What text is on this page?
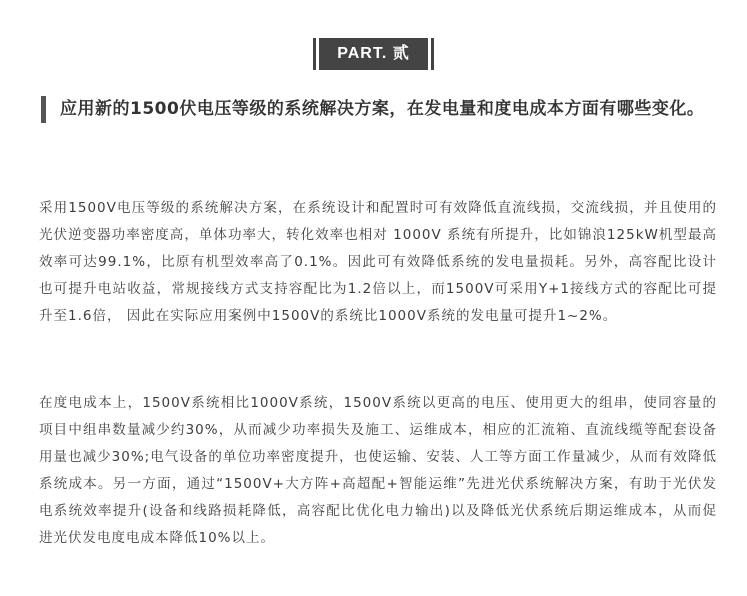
PART. 贰
应用新的1500伏电压等级的系统解决方案，在发电量和度电成本方面有哪些变化。

采用1500V电压等级的系统解决方案，在系统设计和配置时可有效降低直流线损，交流线损，并且使用的光伏逆变器功率密度高，单体功率大，转化效率也相对 1000V 系统有所提升，比如锦浪125kW机型最高效率可达99.1%，比原有机型效率高了0.1%。因此可有效降低系统的发电量损耗。另外，高容配比设计也可提升电站收益，常规接线方式支持容配比为1.2倍以上，而1500V可采用Y+1接线方式的容配比可提升至1.6倍， 因此在实际应用案例中1500V的系统比1000V系统的发电量可提升1~2%。

在度电成本上，1500V系统相比1000V系统，1500V系统以更高的电压、使用更大的组串，使同容量的项目中组串数量减少约30%，从而减少功率损失及施工、运维成本，相应的汇流箱、直流线缆等配套设备用量也减少30%;电气设备的单位功率密度提升，也使运输、安装、人工等方面工作量减少，从而有效降低系统成本。另一方面，通过“1500V+大方阵+高超配+智能运维”先进光伏系统解决方案，有助于光伏发电系统效率提升(设备和线路损耗降低，高容配比优化电力输出)以及降低光伏系统后期运维成本，从而促进光伏发电度电成本降低10%以上。
